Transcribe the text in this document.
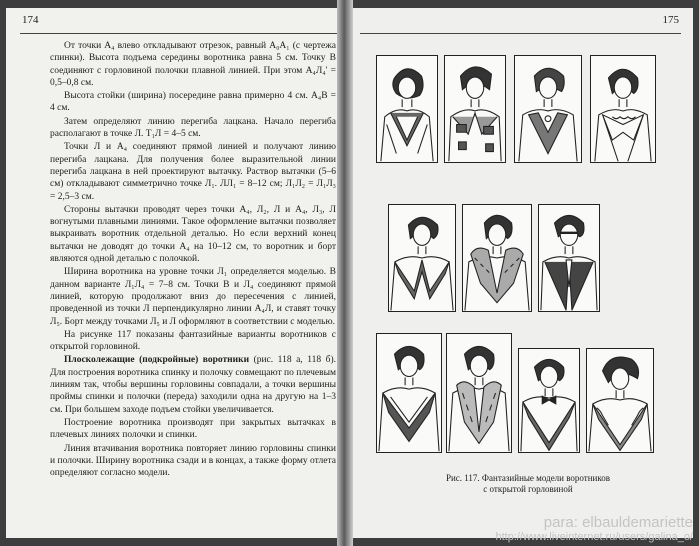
174

От точки А₄ влево откладывают отрезок, равный А₀А₁ (с чертежа спинки). Высота подъема середины воротника равна 5 см. Точку В соединяют с горловиной полочки плавной линией. При этом А₄Л₄' = 0,5–0,8 см.

Высота стойки (ширина) посередине равна примерно 4 см. А₄В = 4 см.

Затем определяют линию перегиба лацкана. Начало перегиба располагают в точке Л. Т₁Л = 4–5 см.

Точки Л и А₄ соединяют прямой линией и получают линию перегиба лацкана. Для получения более выразительной линии перегиба лацкана в ней проектируют вытачку. Раствор вытачки (5–6 см) откладывают симметрично точке Л₁. ЛЛ₁ = 8–12 см; Л₁Л₂ = Л₁Л₃ = 2,5–3 см.

Стороны вытачки проводят через точки А₄, Л₂, Л и А₄, Л₃, Л вогнутыми плавными линиями. Такое оформление вытачки позволяет выкраивать воротник отдельной деталью. Но если верхний конец вытачки не доводят до точки А₄ на 10–12 см, то воротник и борт являются одной деталью с полочкой.

Ширина воротника на уровне точки Л₁ определяется моделью. В данном варианте Л₁Л₄ = 7–8 см. Точки В и Л₄ соединяют прямой линией, которую продолжают вниз до пересечения с линией, проведенной из точки Л перпендикулярно линии А₄Л, и ставят точку Л₅. Борт между точками Л₅ и Л оформляют в соответствии с моделью.

На рисунке 117 показаны фантазийные варианты воротников с открытой горловиной.

Плосколежащие (подкройные) воротники (рис. 118 а, 118 б). Для построения воротника спинку и полочку совмещают по плечевым линиям так, чтобы вершины горловины совпадали, а точки вершины проймы спинки и полочки (переда) заходили одна на другую на 1–3 см. При большем заходе подъем стойки увеличивается.

Построение воротника производят при закрытых вытачках в плечевых линиях полочки и спинки.

Линия втачивания воротника повторяет линию горловины спинки и полочки. Ширину воротника сзади и в концах, а также форму отлета определяют согласно модели.

175
Рис. 117. Фантазийные модели воротников
с открытой горловиной
para: elbauldemariette
http://www.liveinternet.ru/users/galina_o/
